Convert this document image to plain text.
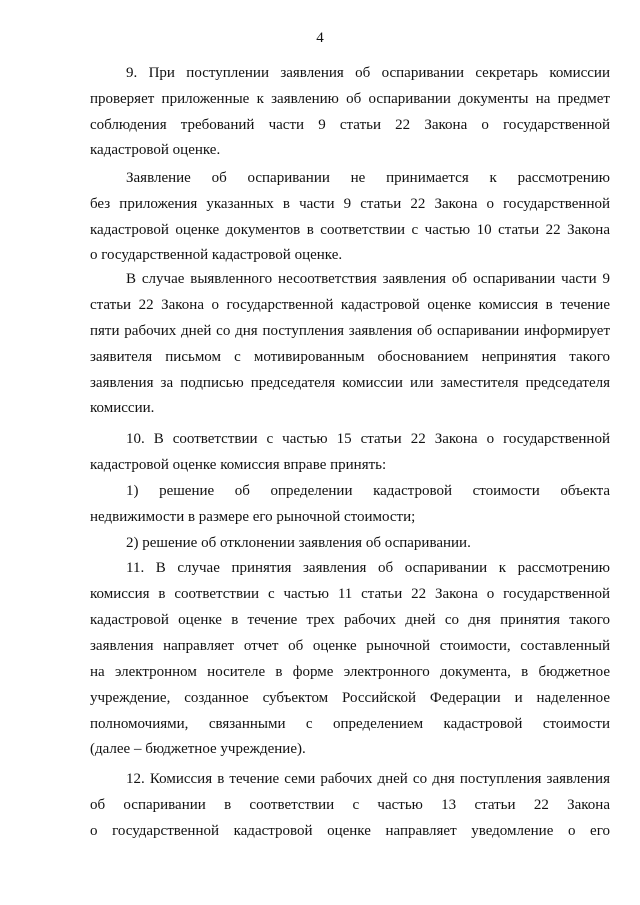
4
9. При поступлении заявления об оспаривании секретарь комиссии
проверяет приложенные к заявлению об оспаривании документы на предмет
соблюдения требований части 9 статьи 22 Закона о государственной
кадастровой оценке.
Заявление об оспаривании не принимается к рассмотрению
без приложения указанных в части 9 статьи 22 Закона о государственной
кадастровой оценке документов в соответствии с частью 10 статьи 22 Закона
о государственной кадастровой оценке.
В случае выявленного несоответствия заявления об оспаривании части 9
статьи 22 Закона о государственной кадастровой оценке комиссия в течение
пяти рабочих дней со дня поступления заявления об оспаривании информирует
заявителя письмом с мотивированным обоснованием непринятия такого
заявления за подписью председателя комиссии или заместителя председателя
комиссии.
10. В соответствии с частью 15 статьи 22 Закона о государственной
кадастровой оценке комиссия вправе принять:
1) решение об определении кадастровой стоимости объекта
недвижимости в размере его рыночной стоимости;
2) решение об отклонении заявления об оспаривании.
11. В случае принятия заявления об оспаривании к рассмотрению
комиссия в соответствии с частью 11 статьи 22 Закона о государственной
кадастровой оценке в течение трех рабочих дней со дня принятия такого
заявления направляет отчет об оценке рыночной стоимости, составленный
на электронном носителе в форме электронного документа, в бюджетное
учреждение, созданное субъектом Российской Федерации и наделенное
полномочиями, связанными с определением кадастровой стоимости
(далее – бюджетное учреждение).
12. Комиссия в течение семи рабочих дней со дня поступления заявления
об оспаривании в соответствии с частью 13 статьи 22 Закона
о государственной кадастровой оценке направляет уведомление о его
